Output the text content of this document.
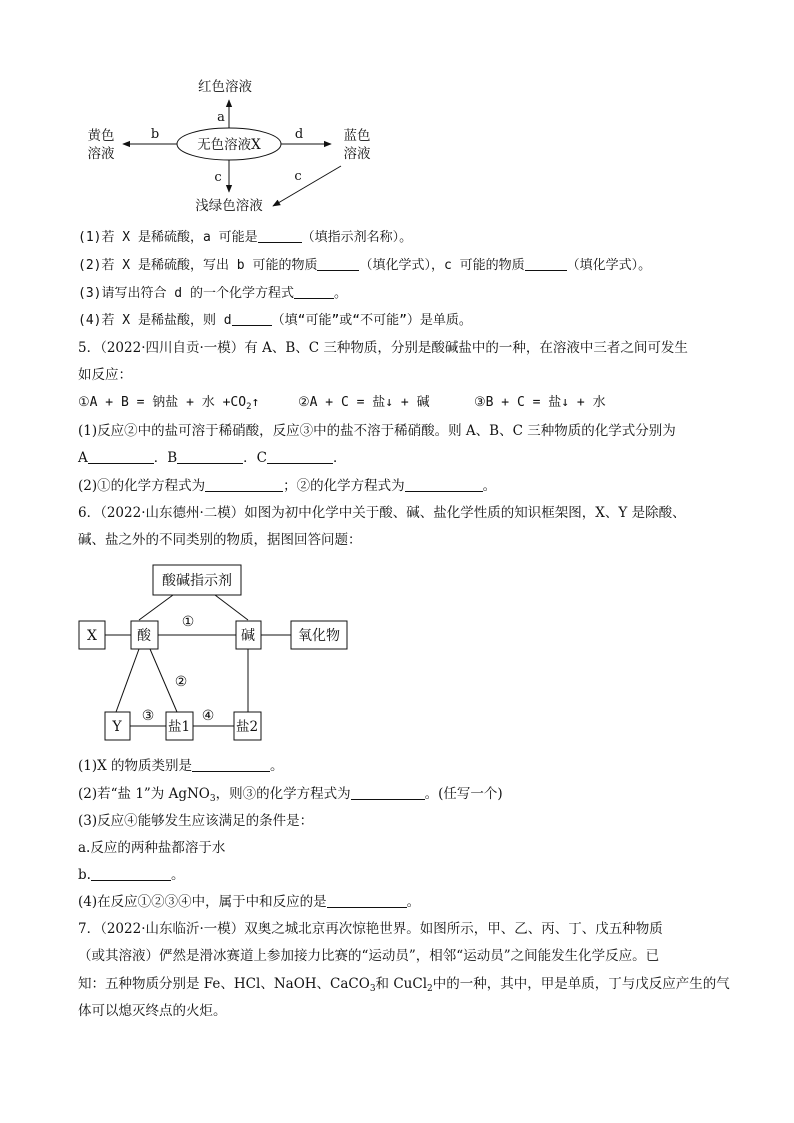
红色溶液
a
无色溶液X
b
黄色
溶液
d	蓝色
溶液
c
浅绿色溶液
c
(1)若 X 是稀硫酸，a 可能是	（填指示剂名称）。
(2)若 X 是稀硫酸，写出 b 可能的物质	（填化学式），c 可能的物质	（填化学式）。
(3)请写出符合 d 的一个化学方程式	。
(4)若 X 是稀盐酸，则 d	（填“可能”或“不可能”）是单质。
5．（2022·四川自贡·一模）有 A、B、C 三种物质，分别是酸碱盐中的一种，在溶液中三者之间可发生
如反应：
①A + B = 钠盐 + 水 $+CO_2↑$	②A + C = 盐↓ + 碱	③B + C = 盐↓ + 水
(1)反应②中的盐可溶于稀硝酸，反应③中的盐不溶于稀硝酸。则 A、B、C 三种物质的化学式分别为
A	．B	．C	．
(2)①的化学方程式为	；②的化学方程式为	。
6．（2022·山东德州·二模）如图为初中化学中关于酸、碱、盐化学性质的知识框架图，X、Y 是除酸、
碱、盐之外的不同类别的物质，据图回答问题：
酸碱指示剂
X	酸	碱	氧化物
Y	盐1	盐2
①
②
③	④
(1)X 的物质类别是	。
(2)若“盐 1”为 AgNO$_3$，则③的化学方程式为	。(任写一个)
(3)反应④能够发生应该满足的条件是：
a.反应的两种盐都溶于水
b.	。
(4)在反应①②③④中，属于中和反应的是	。
7．（2022·山东临沂·一模）双奥之城北京再次惊艳世界。如图所示，甲、乙、丙、丁、戊五种物质
（或其溶液）俨然是滑冰赛道上参加接力比赛的“运动员”，相邻“运动员”之间能发生化学反应。已
知：五种物质分别是 Fe、HCl、NaOH、CaCO$_3$和 CuCl$_2$中的一种，其中，甲是单质，丁与戊反应产生的气
体可以熄灭终点的火炬。
